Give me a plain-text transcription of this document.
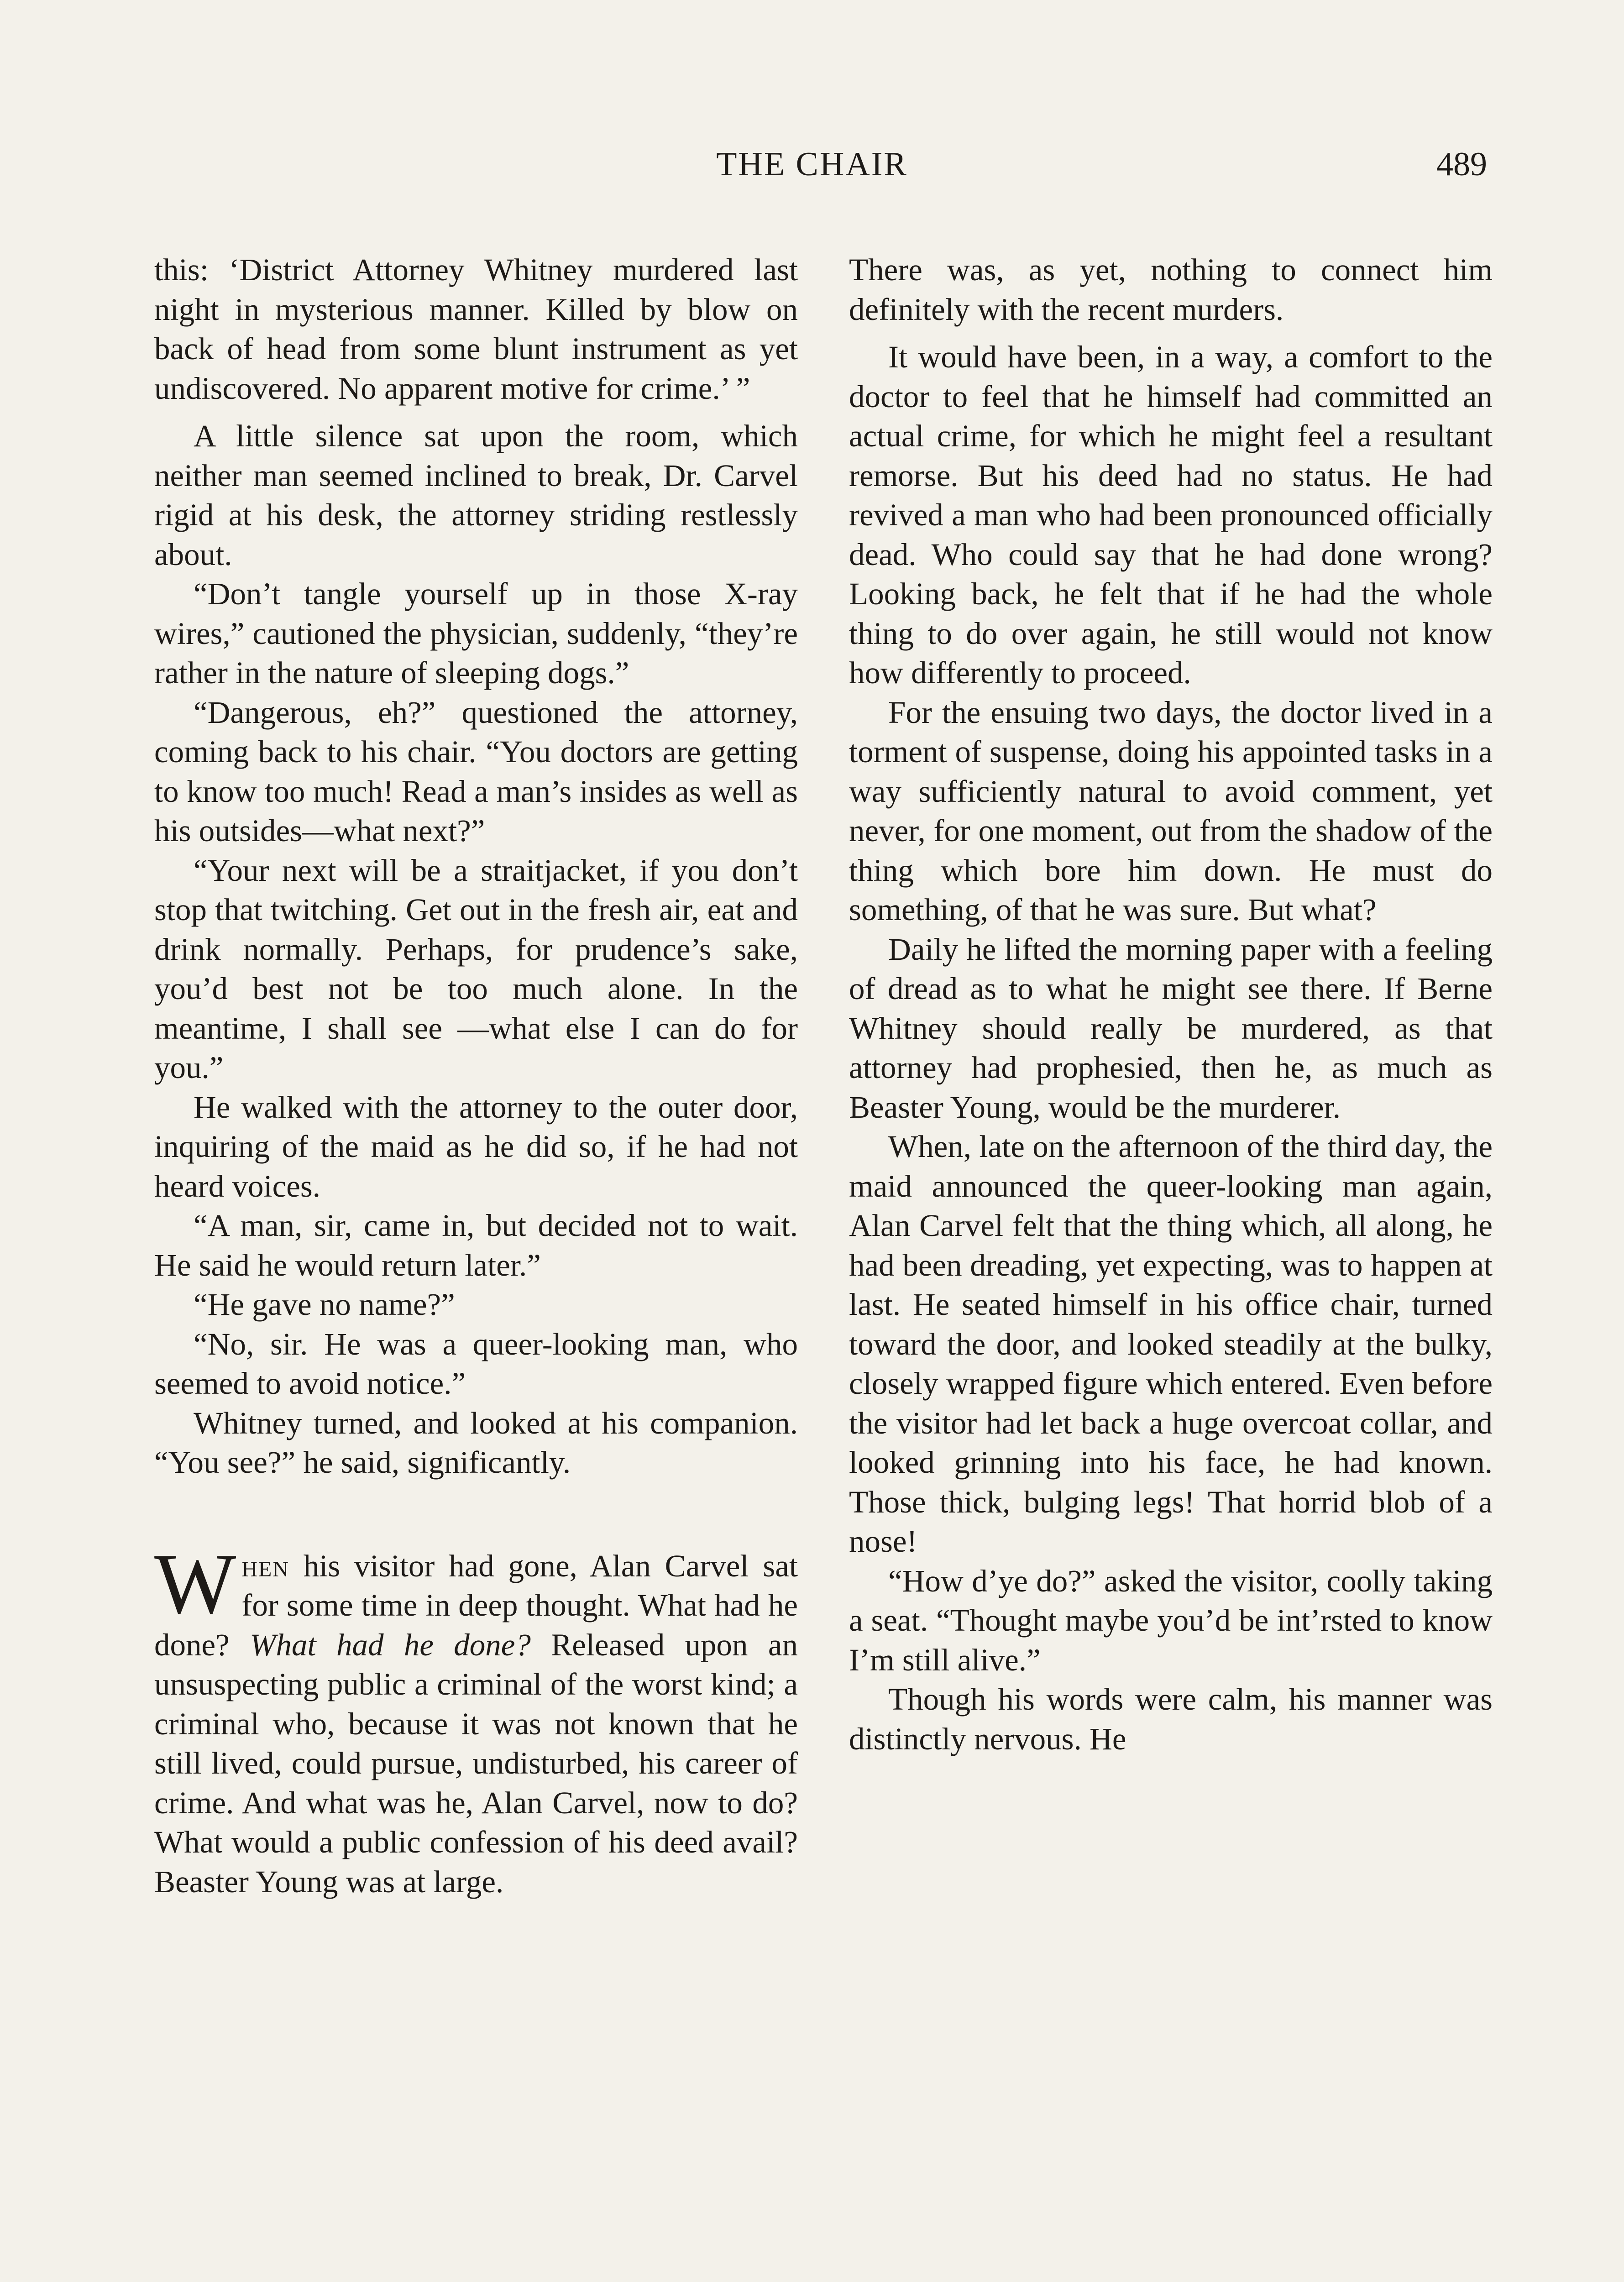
THE CHAIR	489

this: ‘District Attorney Whitney murdered last night in mysterious manner. Killed by blow on back of head from some blunt instrument as yet undiscovered. No apparent motive for crime.’ ”

A little silence sat upon the room, which neither man seemed inclined to break, Dr. Carvel rigid at his desk, the attorney striding restlessly about.

“Don’t tangle yourself up in those X-ray wires,” cautioned the physician, suddenly, “they’re rather in the nature of sleeping dogs.”

“Dangerous, eh?” questioned the attorney, coming back to his chair. “You doctors are getting to know too much! Read a man’s insides as well as his outsides—what next?”

“Your next will be a straitjacket, if you don’t stop that twitching. Get out in the fresh air, eat and drink normally. Perhaps, for prudence’s sake, you’d best not be too much alone. In the meantime, I shall see —what else I can do for you.”

He walked with the attorney to the outer door, inquiring of the maid as he did so, if he had not heard voices.

“A man, sir, came in, but decided not to wait. He said he would return later.”

“He gave no name?”

“No, sir. He was a queer-looking man, who seemed to avoid notice.”

Whitney turned, and looked at his companion. “You see?” he said, significantly.

When his visitor had gone, Alan Carvel sat for some time in deep thought. What had he done? What had he done? Released upon an unsuspecting public a criminal of the worst kind; a criminal who, because it was not known that he still lived, could pursue, undisturbed, his career of crime. And what was he, Alan Carvel, now to do? What would a public confession of his deed avail? Beaster Young was at large.

There was, as yet, nothing to connect him definitely with the recent murders.

It would have been, in a way, a comfort to the doctor to feel that he himself had committed an actual crime, for which he might feel a resultant remorse. But his deed had no status. He had revived a man who had been pronounced officially dead. Who could say that he had done wrong? Looking back, he felt that if he had the whole thing to do over again, he still would not know how differently to proceed.

For the ensuing two days, the doctor lived in a torment of suspense, doing his appointed tasks in a way sufficiently natural to avoid comment, yet never, for one moment, out from the shadow of the thing which bore him down. He must do something, of that he was sure. But what?

Daily he lifted the morning paper with a feeling of dread as to what he might see there. If Berne Whitney should really be murdered, as that attorney had prophesied, then he, as much as Beaster Young, would be the murderer.

When, late on the afternoon of the third day, the maid announced the queer-looking man again, Alan Carvel felt that the thing which, all along, he had been dreading, yet expecting, was to happen at last. He seated himself in his office chair, turned toward the door, and looked steadily at the bulky, closely wrapped figure which entered. Even before the visitor had let back a huge overcoat collar, and looked grinning into his face, he had known. Those thick, bulging legs! That horrid blob of a nose!

“How d’ye do?” asked the visitor, coolly taking a seat. “Thought maybe you’d be int’rsted to know I’m still alive.”

Though his words were calm, his manner was distinctly nervous. He
